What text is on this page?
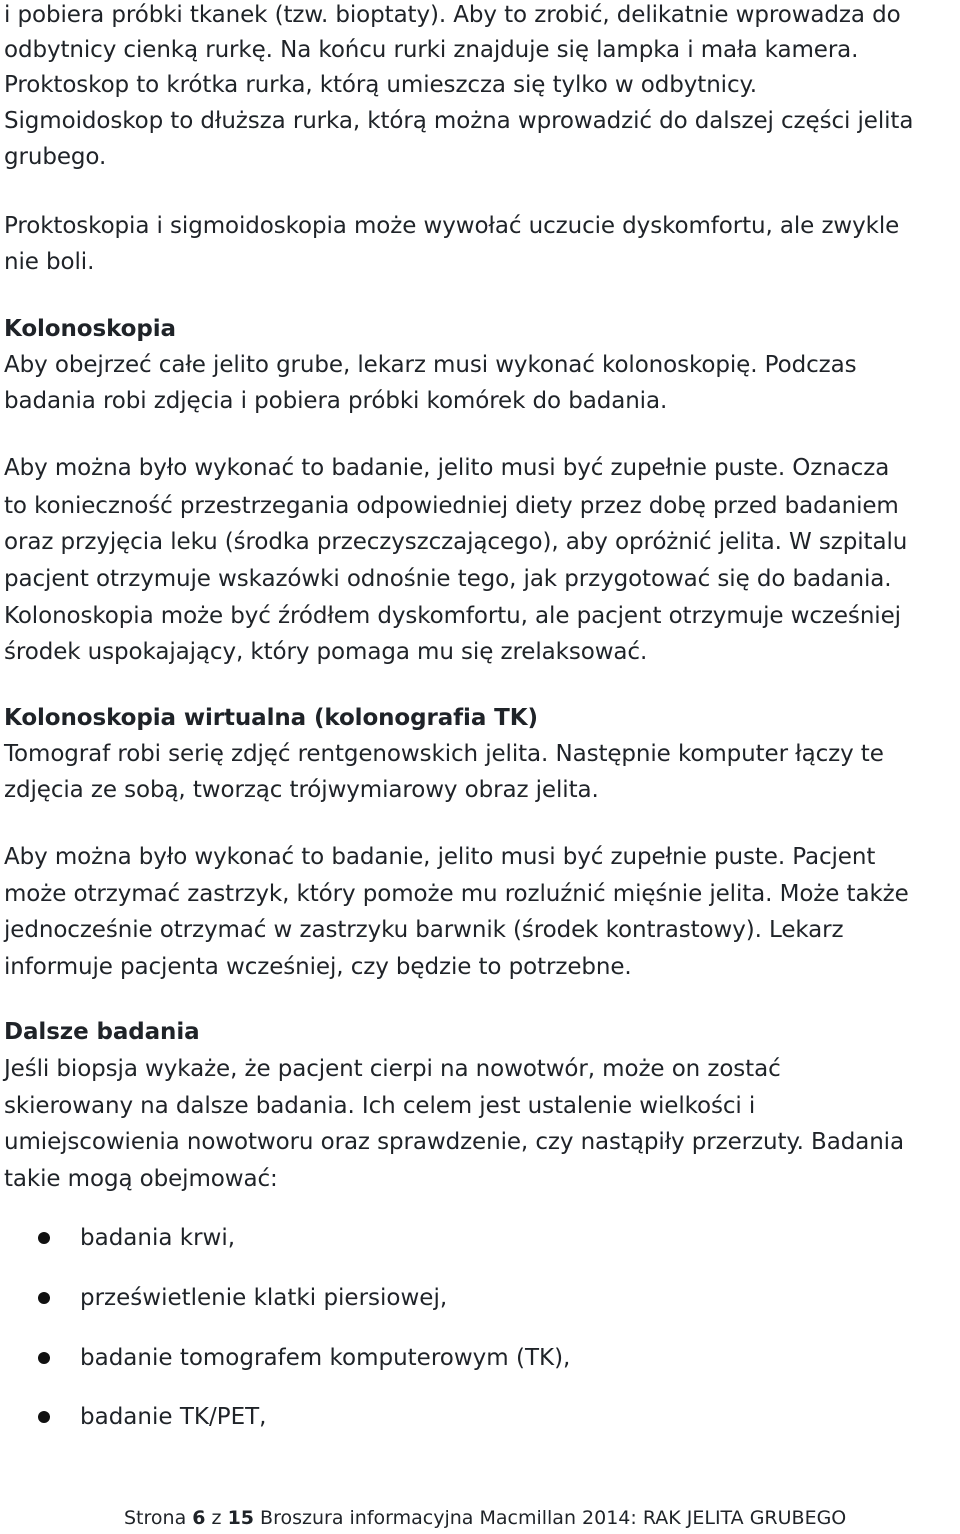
i pobiera próbki tkanek (tzw. bioptaty). Aby to zrobić, delikatnie wprowadza do
odbytnicy cienką rurkę. Na końcu rurki znajduje się lampka i mała kamera.
Proktoskop to krótka rurka, którą umieszcza się tylko w odbytnicy.
Sigmoidoskop to dłuższa rurka, którą można wprowadzić do dalszej części jelita
grubego.
Proktoskopia i sigmoidoskopia może wywołać uczucie dyskomfortu, ale zwykle
nie boli.
Kolonoskopia
Aby obejrzeć całe jelito grube, lekarz musi wykonać kolonoskopię. Podczas
badania robi zdjęcia i pobiera próbki komórek do badania.
Aby można było wykonać to badanie, jelito musi być zupełnie puste. Oznacza
to konieczność przestrzegania odpowiedniej diety przez dobę przed badaniem
oraz przyjęcia leku (środka przeczyszczającego), aby opróżnić jelita. W szpitalu
pacjent otrzymuje wskazówki odnośnie tego, jak przygotować się do badania.
Kolonoskopia może być źródłem dyskomfortu, ale pacjent otrzymuje wcześniej
środek uspokajający, który pomaga mu się zrelaksować.
Kolonoskopia wirtualna (kolonografia TK)
Tomograf robi serię zdjęć rentgenowskich jelita. Następnie komputer łączy te
zdjęcia ze sobą, tworząc trójwymiarowy obraz jelita.
Aby można było wykonać to badanie, jelito musi być zupełnie puste. Pacjent
może otrzymać zastrzyk, który pomoże mu rozluźnić mięśnie jelita. Może także
jednocześnie otrzymać w zastrzyku barwnik (środek kontrastowy). Lekarz
informuje pacjenta wcześniej, czy będzie to potrzebne.
Dalsze badania
Jeśli biopsja wykaże, że pacjent cierpi na nowotwór, może on zostać
skierowany na dalsze badania. Ich celem jest ustalenie wielkości i
umiejscowienia nowotworu oraz sprawdzenie, czy nastąpiły przerzuty. Badania
takie mogą obejmować:
badania krwi,
prześwietlenie klatki piersiowej,
badanie tomografem komputerowym (TK),
badanie TK/PET,
Strona 6 z 15 Broszura informacyjna Macmillan 2014: RAK JELITA GRUBEGO
